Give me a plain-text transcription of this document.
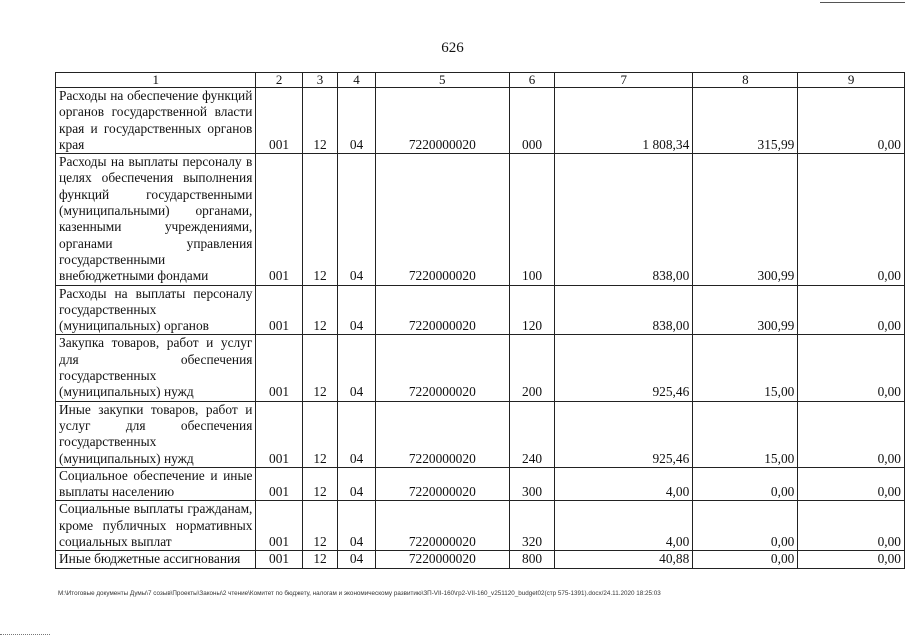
626
1	2	3	4	5	6	7	8	9
Расходы на обеспечение функций органов государственной власти края и государственных органов края	001	12	04	7220000020	000	1 808,34	315,99	0,00
Расходы на выплаты персоналу в целях обеспечения выполнения функций государственными (муниципальными) органами, казенными учреждениями, органами управления государственными внебюджетными фондами	001	12	04	7220000020	100	838,00	300,99	0,00
Расходы на выплаты персоналу государственных (муниципальных) органов	001	12	04	7220000020	120	838,00	300,99	0,00
Закупка товаров, работ и услуг для обеспечения государственных (муниципальных) нужд	001	12	04	7220000020	200	925,46	15,00	0,00
Иные закупки товаров, работ и услуг для обеспечения государственных (муниципальных) нужд	001	12	04	7220000020	240	925,46	15,00	0,00
Социальное обеспечение и иные выплаты населению	001	12	04	7220000020	300	4,00	0,00	0,00
Социальные выплаты гражданам, кроме публичных нормативных социальных выплат	001	12	04	7220000020	320	4,00	0,00	0,00
Иные бюджетные ассигнования	001	12	04	7220000020	800	40,88	0,00	0,00
M:\Итоговые документы Думы\7 созыв\Проекты\Законы\2 чтение\Комитет по бюджету, налогам и экономическому развитию\ЗП-VII-160\гр2-VII-160_v251120_budget02(стр 575-1391).docx/24.11.2020 18:25:03
